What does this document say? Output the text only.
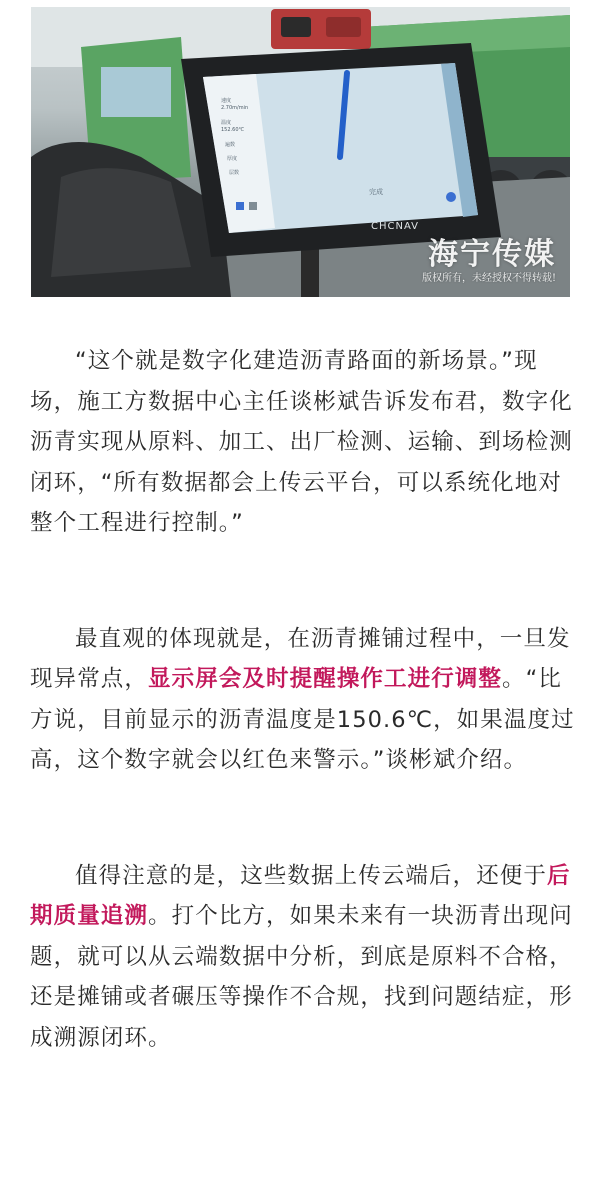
速度
2.70m/min
温度
152.60℃
遍数
厚度
层数
完成
CHCNAV
海宁传媒
版权所有，未经授权不得转载!

“这个就是数字化建造沥青路面的新场景。”现场，施工方数据中心主任谈彬斌告诉发布君，数字化沥青实现从原料、加工、出厂检测、运输、到场检测闭环，“所有数据都会上传云平台，可以系统化地对整个工程进行控制。”

最直观的体现就是，在沥青摊铺过程中，一旦发现异常点，显示屏会及时提醒操作工进行调整。“比方说，目前显示的沥青温度是150.6℃，如果温度过高，这个数字就会以红色来警示。”谈彬斌介绍。

值得注意的是，这些数据上传云端后，还便于后期质量追溯。打个比方，如果未来有一块沥青出现问题，就可以从云端数据中分析，到底是原料不合格，还是摊铺或者碾压等操作不合规，找到问题结症，形成溯源闭环。
